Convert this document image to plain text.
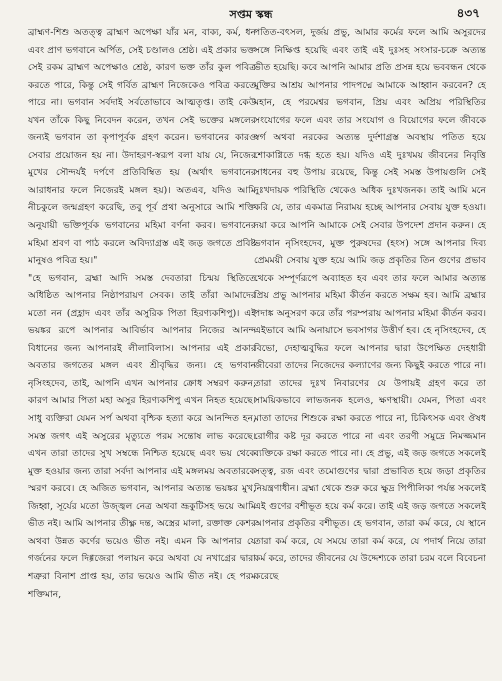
সপ্তম স্কন্ধ	৪৩৭

ব্রাহ্মণ-শিশু অতত্ত্ব ব্রাহ্মণ অপেক্ষা যাঁর মন, বাক্য, কর্ম, ধন এবং প্রাণ ভগবানে অর্পিত, সেই চণ্ডালও শ্রেষ্ঠ। এই প্রকার ভক্ত সেই রকম ব্রাহ্মণ অপেক্ষাও শ্রেষ্ঠ, কারণ ভক্ত তাঁর কুল পবিত্র করতে পারে, কিন্তু সেই গর্বিত ব্রাহ্মণ নিজেকেও পবিত্র করতে পারে না। ভগবান সর্বদাই সর্বতোভাবে আত্মতৃপ্ত। তাই কেউ যখন তাঁকে কিছু নিবেদন করেন, তখন সেই ভক্তের মঙ্গলের জন্যই ভগবান তা কৃপাপূর্বক গ্রহণ করেন। ভগবানের কারও সেবার প্রয়োজন হয় না। উদাহরণ-স্বরূপ বলা যায় যে, নিজের মুখের সৌন্দর্যই দর্পণে প্রতিবিম্বিত হয় (অর্থাৎ ভগবানের আরাধনার ফলে নিজেরই মঙ্গল হয়)। অতএব, যদিও আমি নীচকুলে জন্মগ্রহণ করেছি, তবু পূর্ব প্রথা অনুসারে আমি শক্তি অনুযায়ী ভক্তিপূর্বক ভগবানের মহিমা বর্ণনা করব। ভগবানের মহিমা শ্রবণ বা পাঠ করলে অবিদ্যাগ্রস্ত এই জড় জগতে প্রবিষ্ট মানুষও পবিত্র হয়।"

"হে ভগবান, ব্রহ্মা আদি সমস্ত দেবতারা চিন্ময় স্থিতিতে অধিষ্ঠিত আপনার নিষ্ঠাপরায়ণ সেবক। তাই তাঁরা আমাদের মতো নন (প্রহ্লাদ এবং তাঁর অসুরিক পিতা হিরণ্যকশিপু)। এই ভয়ঙ্কর রূপে আপনার আবির্ভাব আপনার নিজের আনন্দ বিধানের জন্য আপনারই লীলাবিলাস। আপনার এই প্রকার অবতার জগতের মঙ্গল এবং শ্রীবৃদ্ধির জন্য। হে ভগবান নৃসিংহদেব, তাই, আপনি এখন আপনার ক্রোধ সম্বরণ করুন, কারণ আমার পিতা মহা অসুর হিরণ্যকশিপু এখন নিহত হয়েছে। সাধু ব্যক্তিরা যেমন সর্প অথবা বৃশ্চিক হত্যা করে আনন্দিত হন, সমস্ত জগৎ এই অসুরের মৃত্যুতে পরম সন্তোষ লাভ করেছে। এখন তারা তাদের সুখ সম্বন্ধে নিশ্চিত হয়েছে এবং ভয় থেকে মুক্ত হওয়ার জন্য তারা সর্বদা আপনার এই মঙ্গলময় অবতারকে স্মরণ করবে। হে অজিত ভগবান, আপনার অত্যন্ত ভয়ঙ্কর মুখ, জিহ্বা, সূর্যের মতো উজ্জ্বল নেত্র অথবা ভ্রূকুটিসহ ভয়ে আমি ভীত নই। আমি আপনার তীক্ষ্ণ দন্ত, অস্ত্রের মালা, রক্তাক্ত কেশর অথবা উন্নত কর্ণের ভয়েও ভীত নই। এমন কি আপনার যে গর্জনের ফলে দিগ্গজেরা পলায়ন করে অথবা যে নখাগ্রের দ্বারা শত্রুরা বিনাশ প্রাপ্ত হয়, তার ভয়েও আমি ভীত নই। হে পরম শক্তিমান,

পতিত-বৎসল, দুর্জয় প্রভু, আমার কর্মের ফলে আমি অসুরদের সঙ্গে নিক্ষিপ্ত হয়েছি এবং তাই এই দুঃসহ সংসার-চক্রে অত্যন্ত ভীত হয়েছি। কবে আপনি আমার প্রতি প্রসন্ন হয়ে ভববন্ধন থেকে মুক্তির আশ্রয় আপনার পাদপদ্মে আমাকে আহ্বান করবেন? হে মহান, হে পরমেশ্বর ভগবান, প্রিয় এবং অপ্রিয় পরিস্থিতির সংযোগের ফলে এবং তার সংযোগ ও বিয়োগের ফলে জীবকে স্বর্গ অথবা নরকের অত্যন্ত দুর্দশাগ্রস্ত অবস্থায় পতিত হয়ে শোকাগ্নিতে দগ্ধ হতে হয়। যদিও এই দুঃখময় জীবনের নিবৃত্তি সাধনের বহু উপায় রয়েছে, কিন্তু সেই সমস্ত উপায়গুলি সেই দুঃখদায়ক পরিস্থিতি থেকেও অধিক দুঃখজনক। তাই আমি মনে করি যে, তার একমাত্র নিরাময় হচ্ছে আপনার সেবায় যুক্ত হওয়া। দয়া করে আপনি আমাকে সেই সেবার উপদেশ প্রদান করুন। হে ভগবান নৃসিংহদেব, মুক্ত পুরুষদের (হংস) সঙ্গে আপনার দিব্য প্রেমময়ী সেবায় যুক্ত হয়ে আমি জড় প্রকৃতির তিন গুণের প্রভাব থেকে সম্পূর্ণরূপে অব্যাহত হব এবং তার ফলে আমার অত্যন্ত প্রিয় প্রভু আপনার মহিমা কীর্তন করতে সক্ষম হব। আমি ব্রহ্মার পদাঙ্ক অনুসরণ করে তাঁর পরম্পরায় আপনার মহিমা কীর্তন করব। এইভাবে আমি অনায়াসে ভবসাগর উত্তীর্ণ হব। হে নৃসিংহদেব, হে বিভো, দেহাত্মবুদ্ধির ফলে আপনার দ্বারা উপেক্ষিত দেহধারী জীবেরা তাদের নিজেদের কল্যাণের জন্য কিছুই করতে পারে না। তারা তাদের দুঃখ নিবারণের যে উপায়ই গ্রহণ করে তা সাময়িকভাবে লাভজনক হলেও, ক্ষণস্থায়ী। যেমন, পিতা এবং মাতা তাদের শিশুকে রক্ষা করতে পারে না, চিকিৎসক এবং ঔষধ রোগীর কষ্ট দূর করতে পারে না এবং তরণী সমুদ্রে নিমজ্জমান ব্যক্তিকে রক্ষা করতে পারে না। হে প্রভু, এই জড় জগতে সকলেই সত্ত্ব, রজ এবং তমোগুণের দ্বারা প্রভাবিত হয়ে জড়া প্রকৃতির নিয়ন্ত্রণাধীন। ব্রহ্মা থেকে শুরু করে ক্ষুদ্র পিপীলিকা পর্যন্ত সকলেই এই গুণের বশীভূত হয়ে কর্ম করে। তাই এই জড় জগতে সকলেই আপনার প্রকৃতির বশীভূত। হে ভগবান, তারা কর্ম করে, যে স্থানে তারা কর্ম করে, যে সময়ে তারা কর্ম করে, যে পদার্থ নিয়ে তারা কর্ম করে, তাদের জীবনের যে উদ্দেশ্যকে তারা চরম বলে বিবেচনা করেছে
